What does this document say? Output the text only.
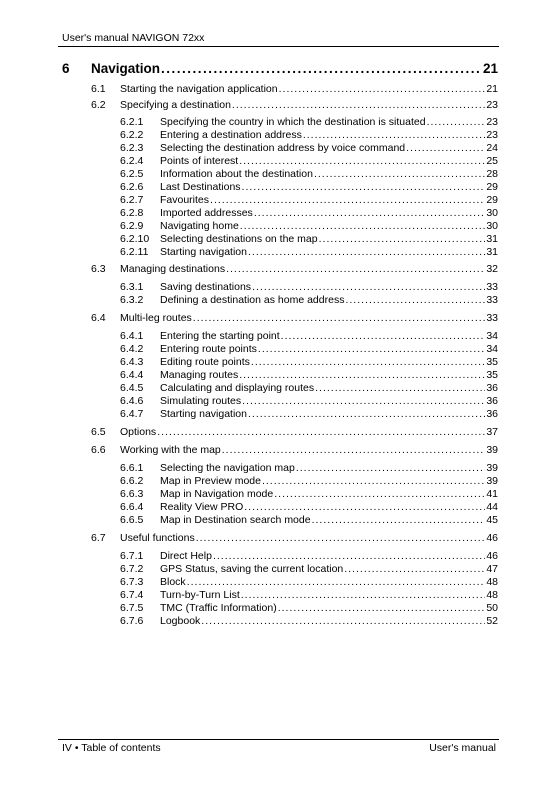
User's manual NAVIGON 72xx
6	Navigation .....	21
6.1	Starting the navigation application .....	21
6.2	Specifying a destination .....	23
6.2.1	Specifying the country in which the destination is situated .....	23
6.2.2	Entering a destination address .....	23
6.2.3	Selecting the destination address by voice command .....	24
6.2.4	Points of interest .....	25
6.2.5	Information about the destination .....	28
6.2.6	Last Destinations .....	29
6.2.7	Favourites .....	29
6.2.8	Imported addresses .....	30
6.2.9	Navigating home .....	30
6.2.10	Selecting destinations on the map .....	31
6.2.11	Starting navigation .....	31
6.3	Managing destinations .....	32
6.3.1	Saving destinations .....	33
6.3.2	Defining a destination as home address .....	33
6.4	Multi-leg routes .....	33
6.4.1	Entering the starting point .....	34
6.4.2	Entering route points .....	34
6.4.3	Editing route points .....	35
6.4.4	Managing routes .....	35
6.4.5	Calculating and displaying routes .....	36
6.4.6	Simulating routes .....	36
6.4.7	Starting navigation .....	36
6.5	Options .....	37
6.6	Working with the map .....	39
6.6.1	Selecting the navigation map .....	39
6.6.2	Map in Preview mode .....	39
6.6.3	Map in Navigation mode .....	41
6.6.4	Reality View PRO .....	44
6.6.5	Map in Destination search mode .....	45
6.7	Useful functions .....	46
6.7.1	Direct Help .....	46
6.7.2	GPS Status, saving the current location .....	47
6.7.3	Block .....	48
6.7.4	Turn-by-Turn List .....	48
6.7.5	TMC (Traffic Information) .....	50
6.7.6	Logbook .....	52
IV • Table of contents	User's manual
